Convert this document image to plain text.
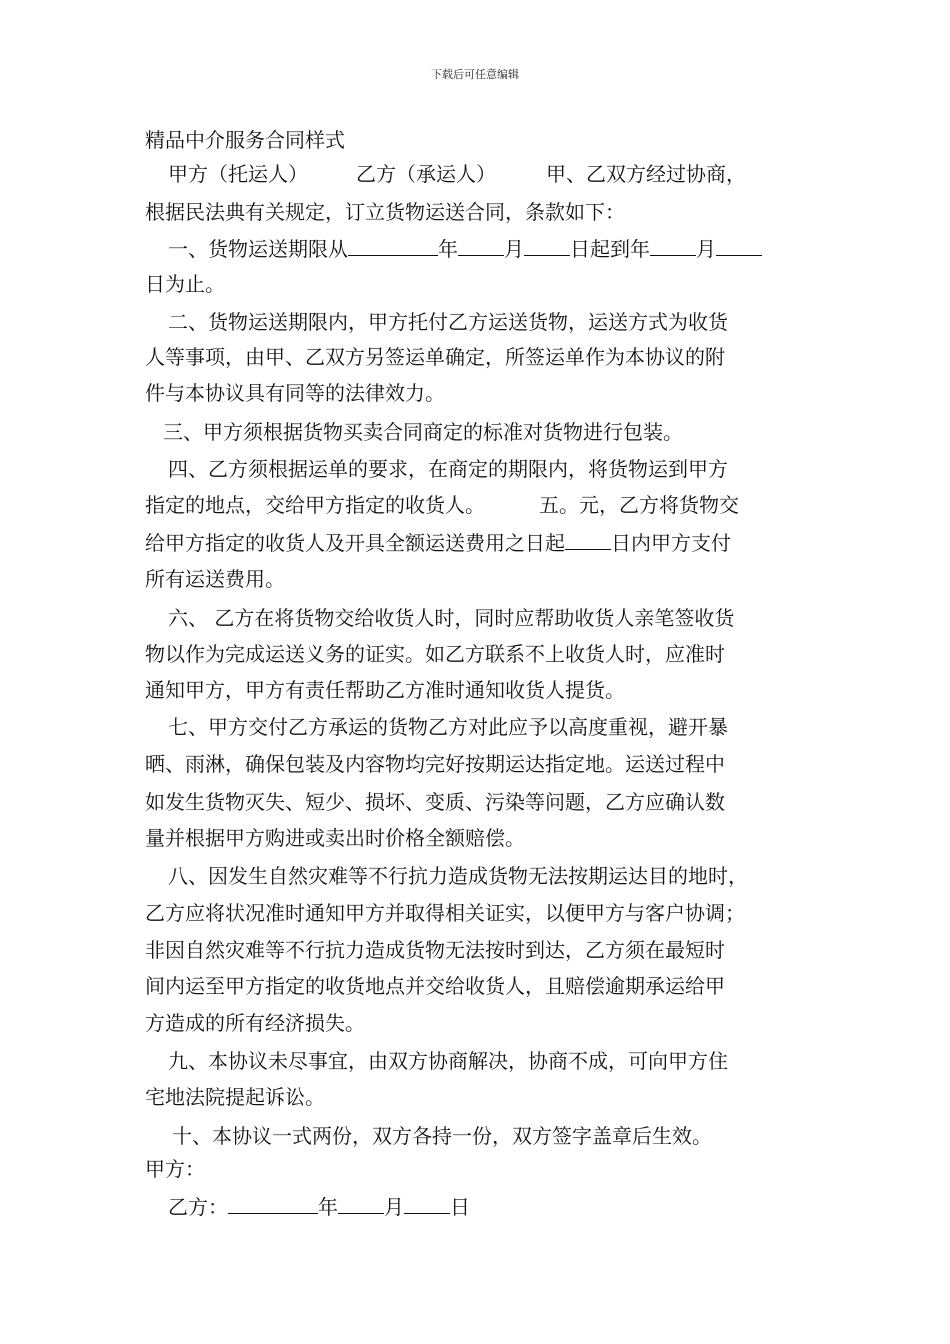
下载后可任意编辑
精品中介服务合同样式
甲方（托运人） 乙方（承运人）	甲、乙双方经过协商，
根据民法典有关规定，订立货物运送合同，条款如下：
一、货物运送期限从	年 月 日起到年 月
日为止。
二、货物运送期限内，甲方托付乙方运送货物，运送方式为收货
人等事项，由甲、乙双方另签运单确定，所签运单作为本协议的附
件与本协议具有同等的法律效力。
三、甲方须根据货物买卖合同商定的标准对货物进行包装。
四、乙方须根据运单的要求，在商定的期限内，将货物运到甲方
指定的地点，交给甲方指定的收货人。	五。元，乙方将货物交
给甲方指定的收货人及开具全额运送费用之日起 日内甲方支付
所有运送费用。
六、 乙方在将货物交给收货人时，同时应帮助收货人亲笔签收货
物以作为完成运送义务的证实。如乙方联系不上收货人时，应准时
通知甲方，甲方有责任帮助乙方准时通知收货人提货。
七、甲方交付乙方承运的货物乙方对此应予以高度重视，避开暴
晒、雨淋，确保包装及内容物均完好按期运达指定地。运送过程中
如发生货物灭失、短少、损坏、变质、污染等问题，乙方应确认数
量并根据甲方购进或卖出时价格全额赔偿。
八、因发生自然灾难等不行抗力造成货物无法按期运达目的地时，
乙方应将状况准时通知甲方并取得相关证实，以便甲方与客户协调；
非因自然灾难等不行抗力造成货物无法按时到达，乙方须在最短时
间内运至甲方指定的收货地点并交给收货人，且赔偿逾期承运给甲
方造成的所有经济损失。
九、本协议未尽事宜，由双方协商解决，协商不成，可向甲方住
宅地法院提起诉讼。
十、本协议一式两份，双方各持一份，双方签字盖章后生效。
甲方：
乙方：	年 月 日
